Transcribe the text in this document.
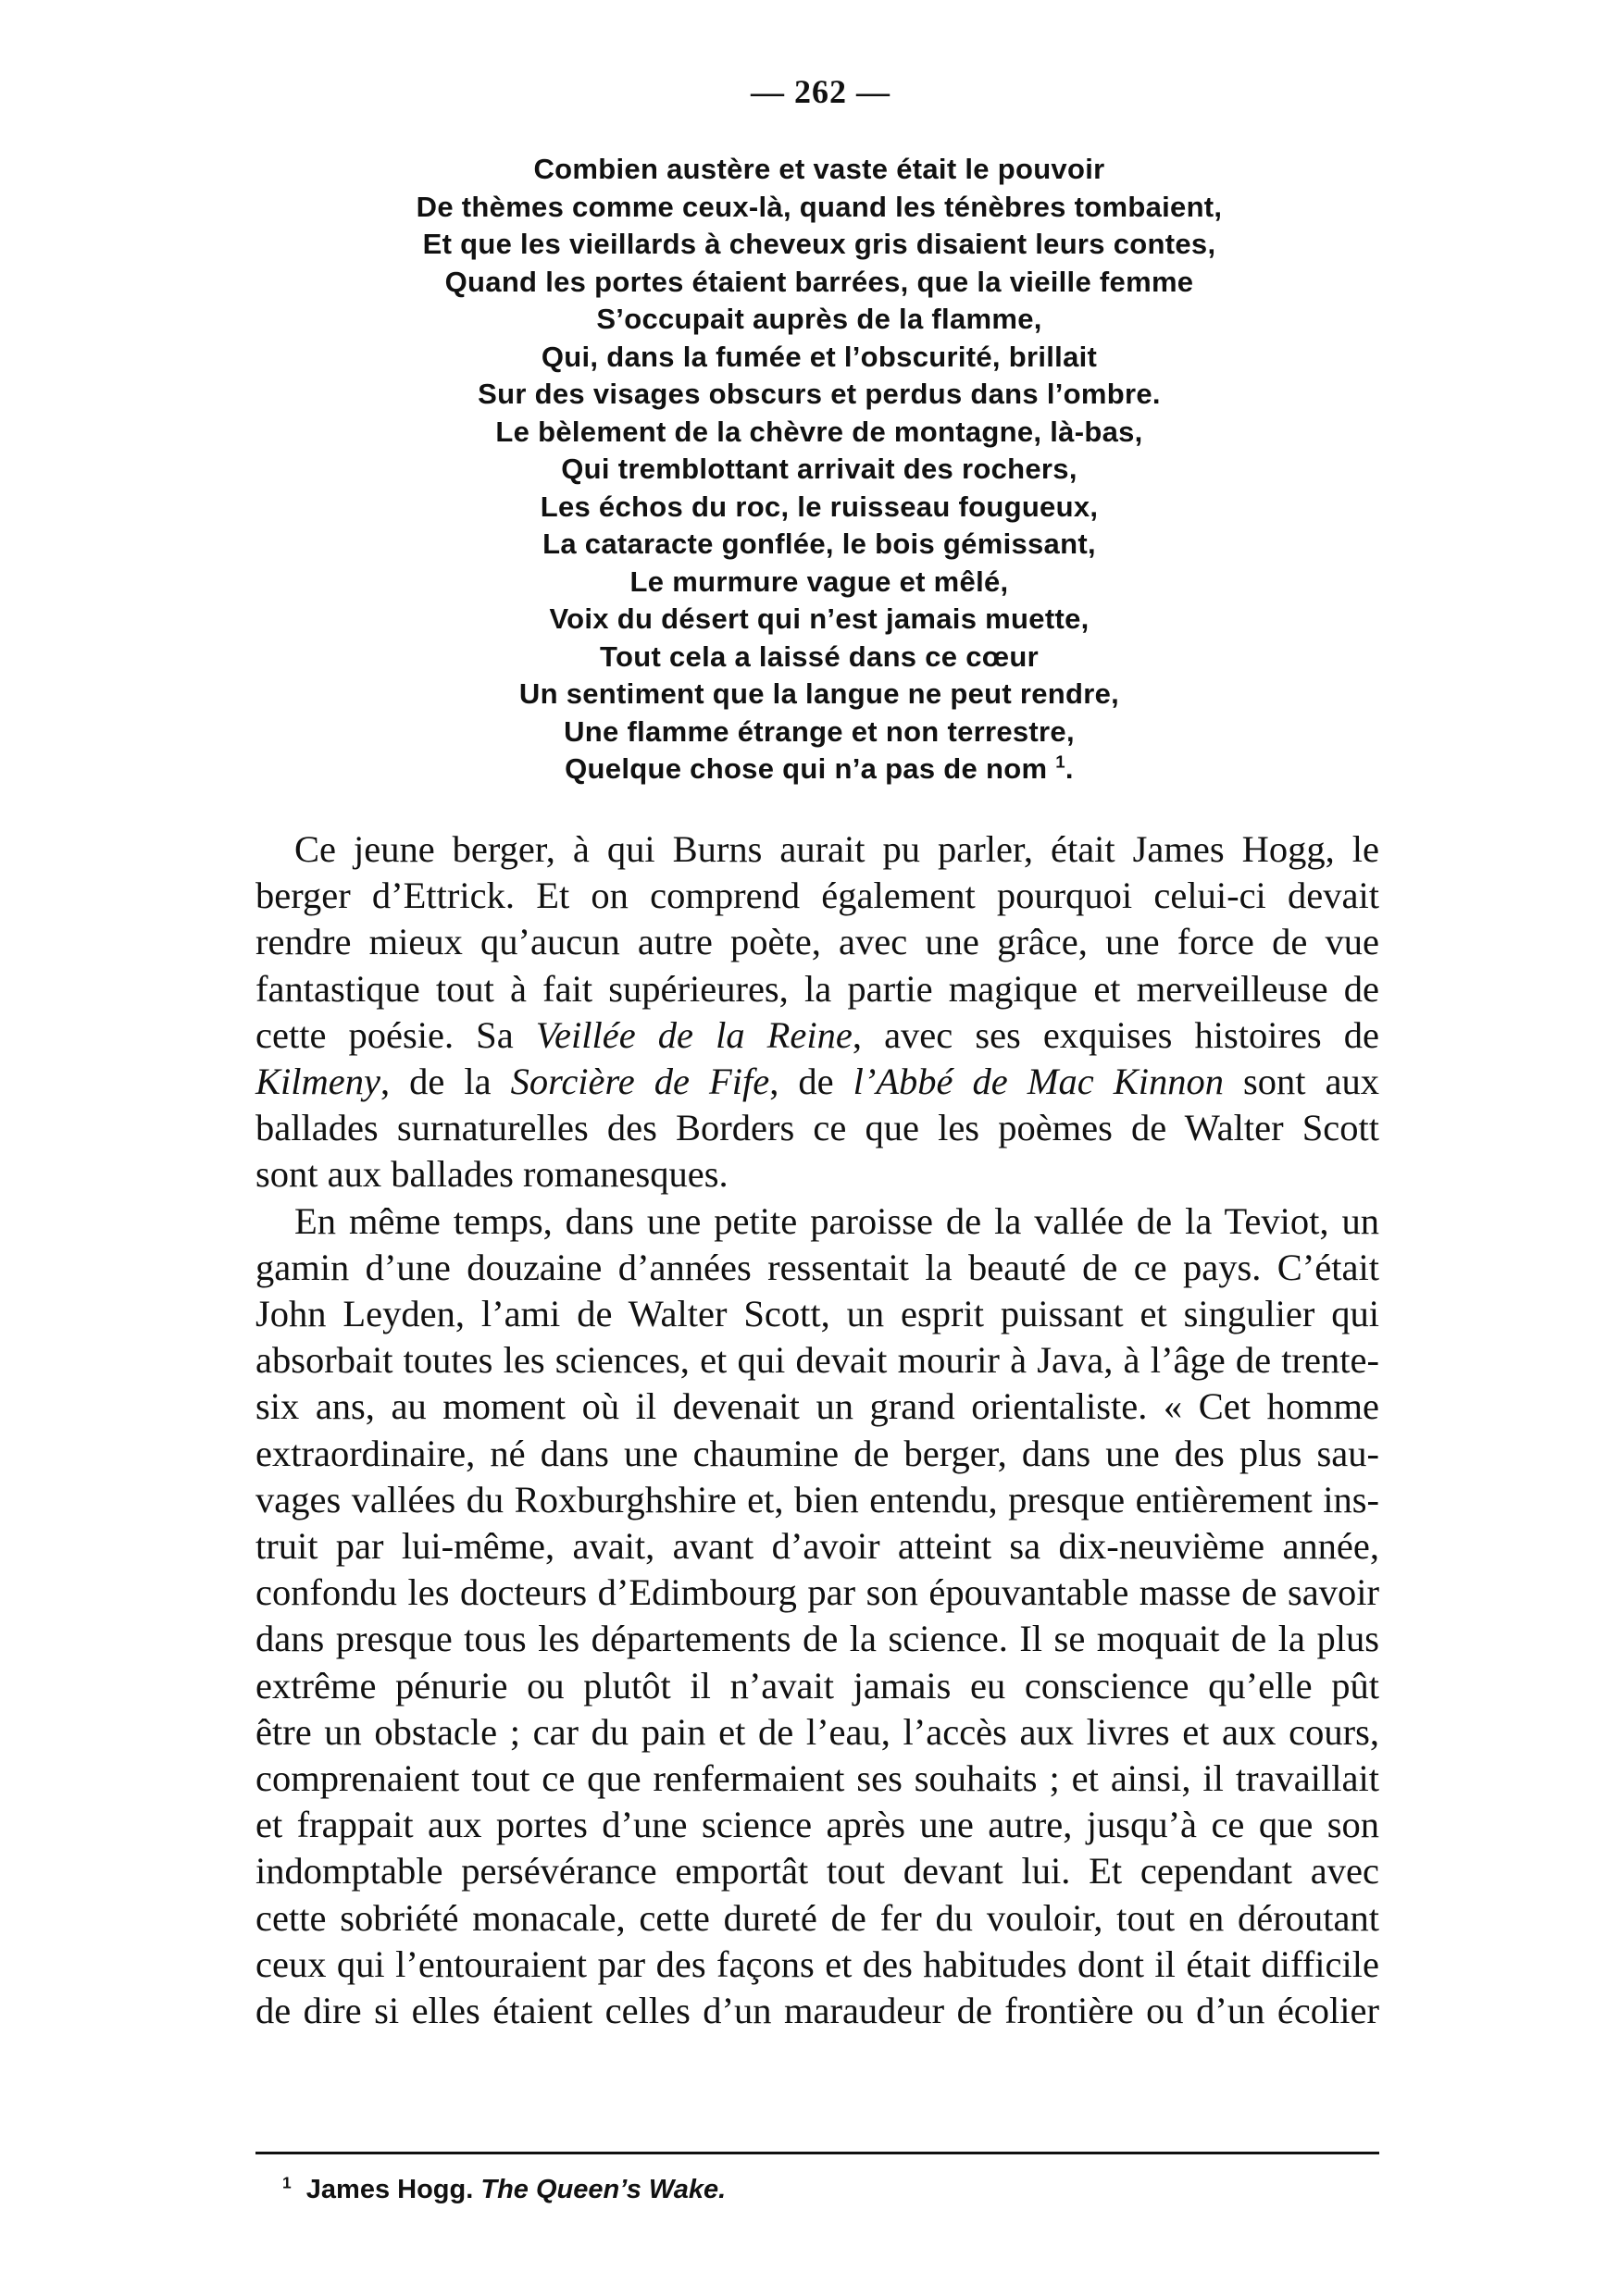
— 262 —
Combien austère et vaste était le pouvoir
De thèmes comme ceux-là, quand les ténèbres tombaient,
Et que les vieillards à cheveux gris disaient leurs contes,
Quand les portes étaient barrées, que la vieille femme
S’occupait auprès de la flamme,
Qui, dans la fumée et l’obscurité, brillait
Sur des visages obscurs et perdus dans l’ombre.
Le bèlement de la chèvre de montagne, là-bas,
Qui tremblottant arrivait des rochers,
Les échos du roc, le ruisseau fougueux,
La cataracte gonflée, le bois gémissant,
Le murmure vague et mêlé,
Voix du désert qui n’est jamais muette,
Tout cela a laissé dans ce cœur
Un sentiment que la langue ne peut rendre,
Une flamme étrange et non terrestre,
Quelque chose qui n’a pas de nom $^1$.

Ce jeune berger, à qui Burns aurait pu parler, était James Hogg, le
berger d’Ettrick. Et on comprend également pourquoi celui-ci devait
rendre mieux qu’aucun autre poète, avec une grâce, une force de vue
fantastique tout à fait supérieures, la partie magique et merveilleuse de
cette poésie. Sa Veillée de la Reine, avec ses exquises histoires de
Kilmeny, de la Sorcière de Fife, de l’Abbé de Mac Kinnon sont aux
ballades surnaturelles des Borders ce que les poèmes de Walter Scott
sont aux ballades romanesques.

En même temps, dans une petite paroisse de la vallée de la Teviot, un
gamin d’une douzaine d’années ressentait la beauté de ce pays. C’était
John Leyden, l’ami de Walter Scott, un esprit puissant et singulier qui
absorbait toutes les sciences, et qui devait mourir à Java, à l’âge de trente-
six ans, au moment où il devenait un grand orientaliste. « Cet homme
extraordinaire, né dans une chaumine de berger, dans une des plus sau-
vages vallées du Roxburghshire et, bien entendu, presque entièrement ins-
truit par lui-même, avait, avant d’avoir atteint sa dix-neuvième année,
confondu les docteurs d’Edimbourg par son épouvantable masse de savoir
dans presque tous les départements de la science. Il se moquait de la plus
extrême pénurie ou plutôt il n’avait jamais eu conscience qu’elle pût
être un obstacle ; car du pain et de l’eau, l’accès aux livres et aux cours,
comprenaient tout ce que renfermaient ses souhaits ; et ainsi, il travaillait
et frappait aux portes d’une science après une autre, jusqu’à ce que son
indomptable persévérance emportât tout devant lui. Et cependant avec
cette sobriété monacale, cette dureté de fer du vouloir, tout en déroutant
ceux qui l’entouraient par des façons et des habitudes dont il était difficile
de dire si elles étaient celles d’un maraudeur de frontière ou d’un écolier

$^1$ James Hogg. The Queen’s Wake.
